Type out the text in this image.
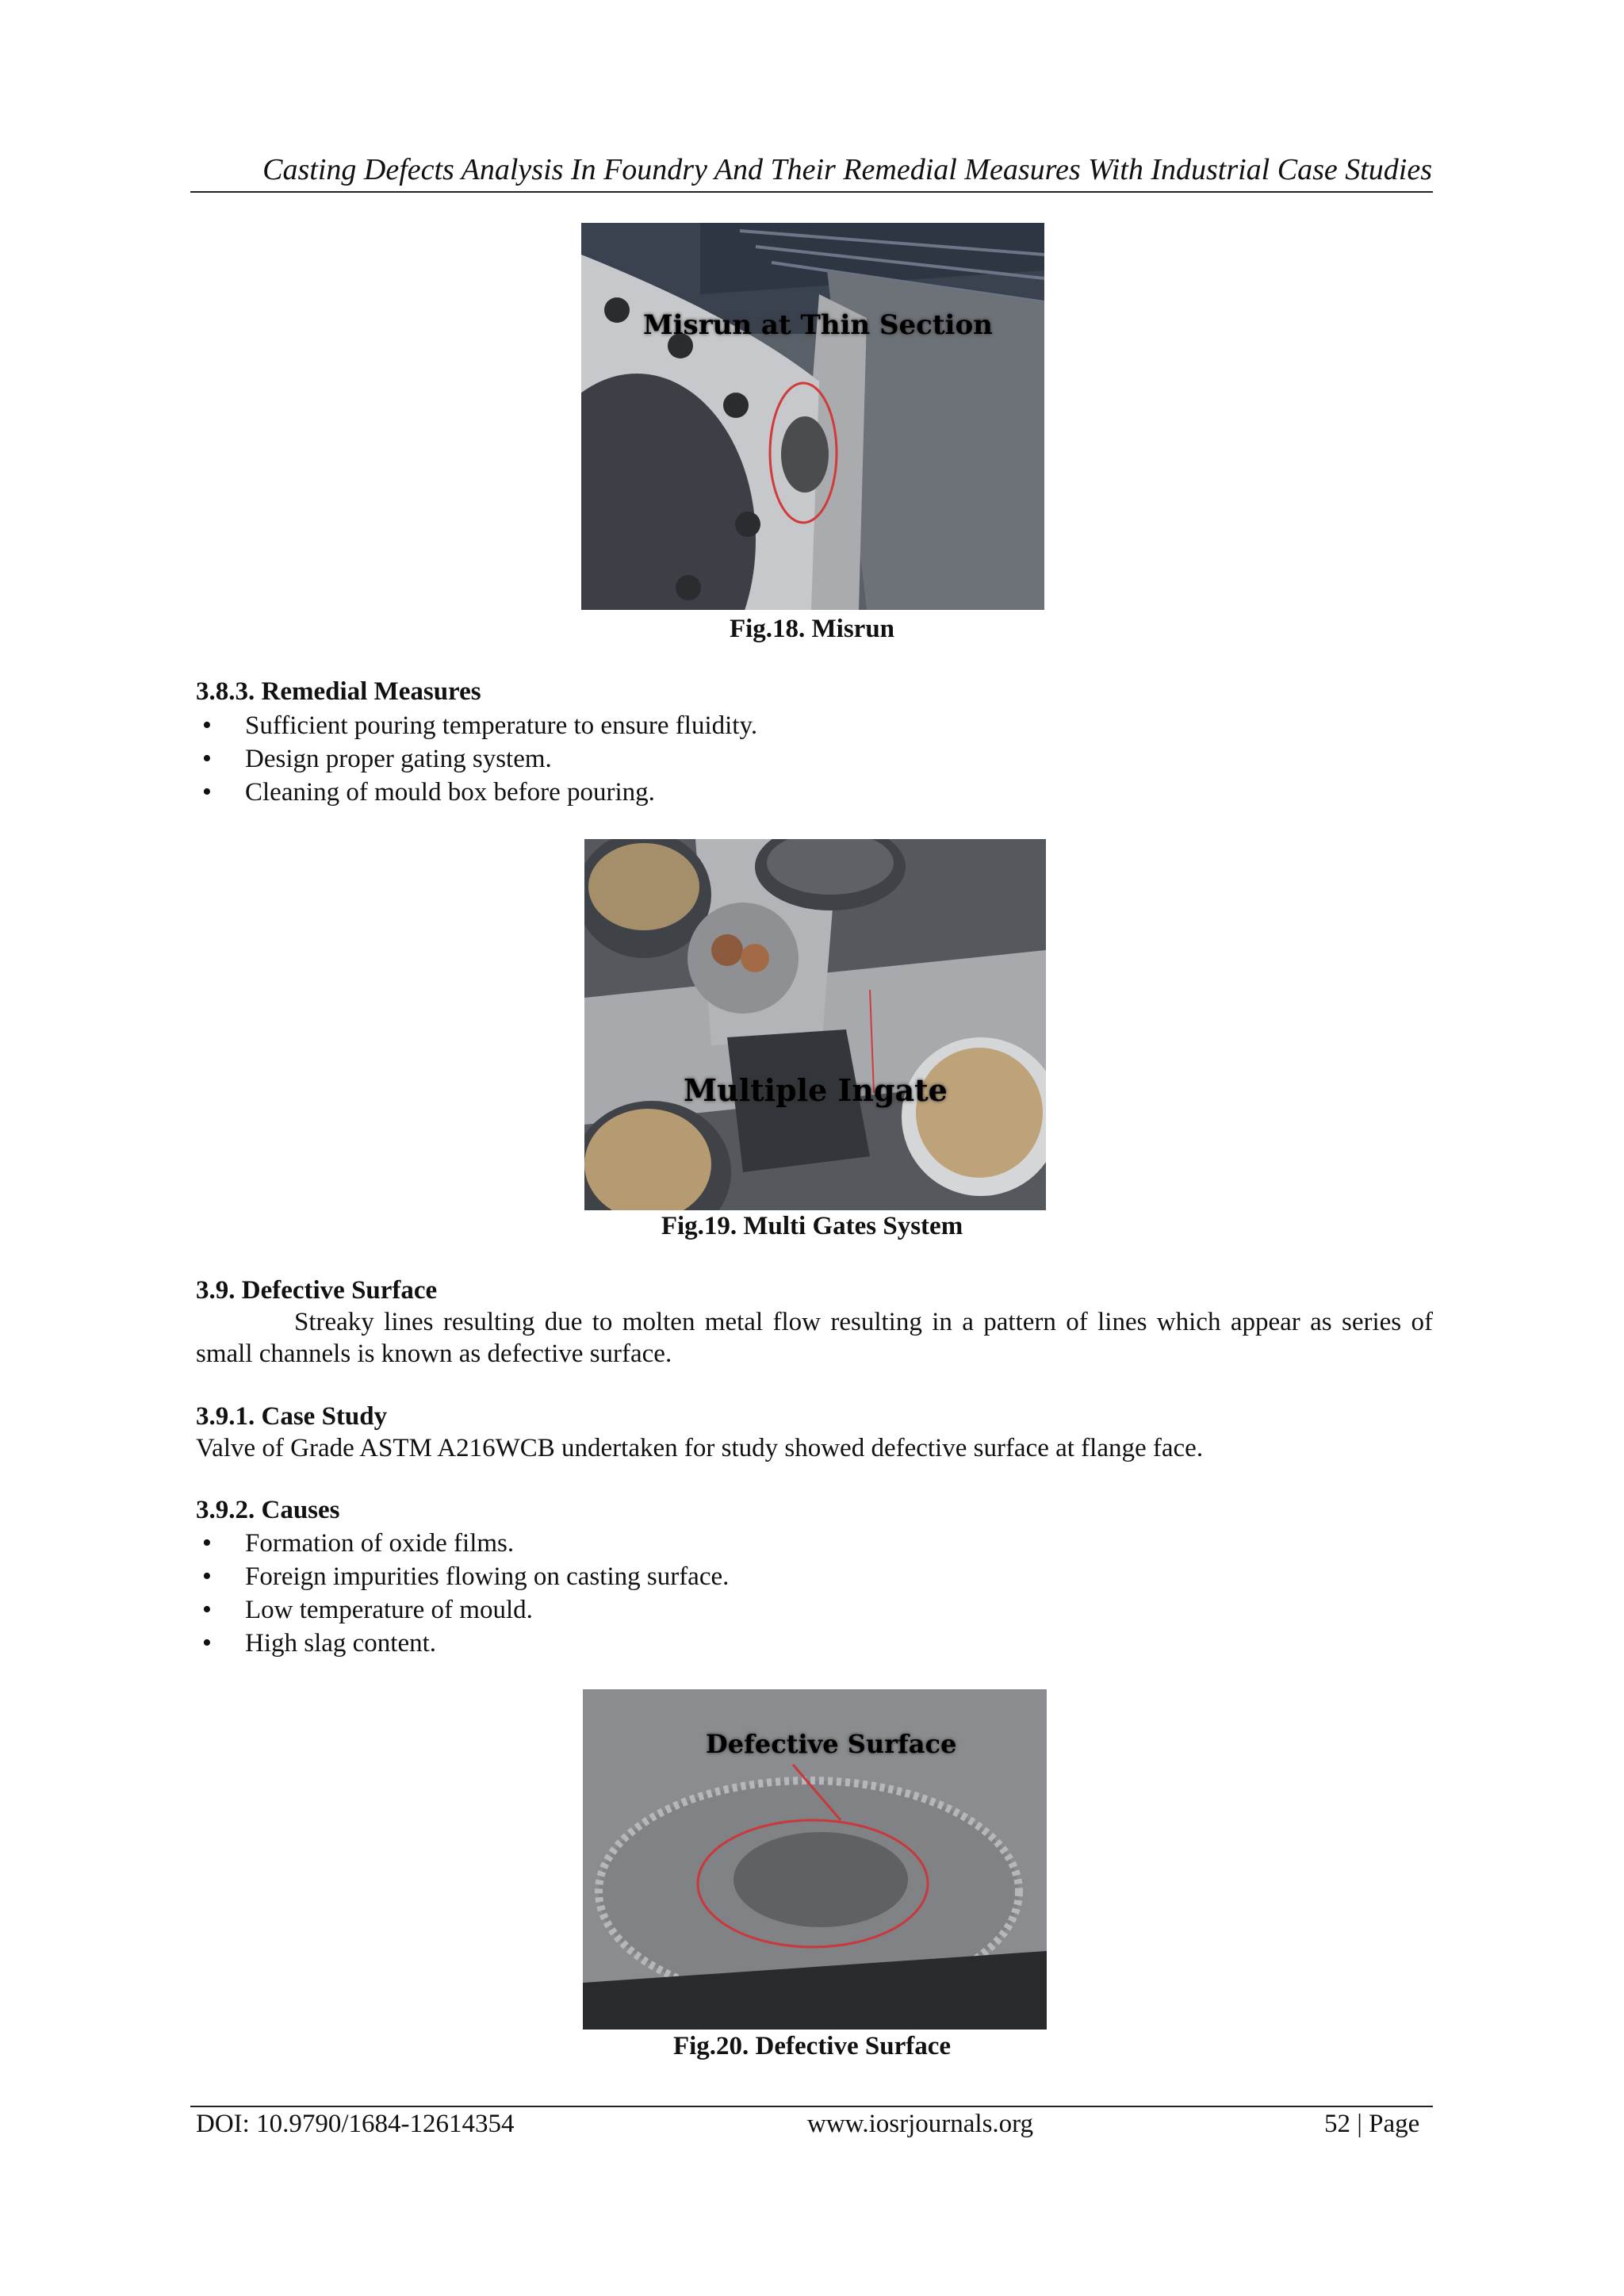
Casting Defects Analysis In Foundry And Their Remedial Measures With Industrial Case Studies
Misrun at Thin Section
Fig.18. Misrun
3.8.3. Remedial Measures
• Sufficient pouring temperature to ensure fluidity.
• Design proper gating system.
• Cleaning of mould box before pouring.
Multiple Ingate
Fig.19. Multi Gates System
3.9. Defective Surface
Streaky lines resulting due to molten metal flow resulting in a pattern of lines which appear as series of small channels is known as defective surface.
3.9.1. Case Study
Valve of Grade ASTM A216WCB undertaken for study showed defective surface at flange face.
3.9.2. Causes
• Formation of oxide films.
• Foreign impurities flowing on casting surface.
• Low temperature of mould.
• High slag content.
Defective Surface
Fig.20. Defective Surface
DOI: 10.9790/1684-12614354	www.iosrjournals.org	52 | Page
